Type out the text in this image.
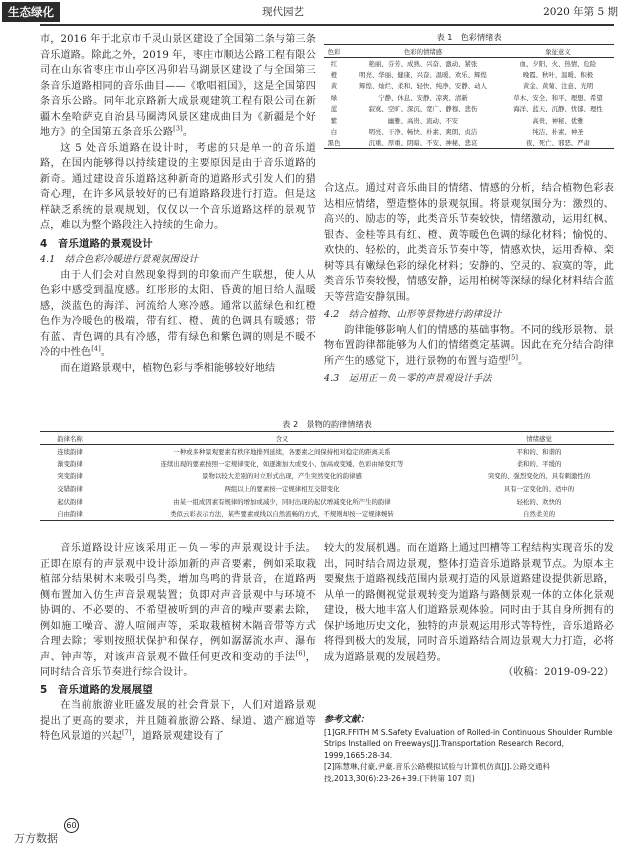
生态绿化	现代园艺	2020 年第 5 期

市，2016 年于北京市千灵山景区建设了全国第二条与第三条音乐道路。除此之外，2019 年，枣庄市顺达公路工程有限公司在山东省枣庄市山亭区冯卯岩马湖景区建设了与全国第三条音乐道路相同的音乐曲目——《歌唱祖国》，这是全国第四条音乐公路。同年北京路新大成景观建筑工程有限公司在新疆木垒哈萨克自治县马圈湾风景区建成曲目为《新疆是个好地方》的全国第五条音乐公路[3]。

这 5 处音乐道路在设计时，考虑的只是单一的音乐道路，在国内能够得以持续建设的主要原因是由于音乐道路的新奇。通过建设音乐道路这种新奇的道路形式引发人们的猎奇心理，在许多风景较好的已有道路路段进行打造。但是这样缺乏系统的景观规划，仅仅以一个音乐道路这样的景观节点，难以为整个路段注入持续的生命力。

4　音乐道路的景观设计

4.1　结合色彩冷暖进行景观氛围设计

由于人们会对自然现象得到的印象而产生联想，使人从色彩中感受到温度感。红彤形的太阳、昏黄的旭日给人温暖感，淡蓝色的海洋、河流给人寒冷感。通常以蓝绿色和红橙色作为冷暖色的极端，带有红、橙、黄的色调具有暖感；带有蓝、青色调的具有冷感，带有绿色和紫色调的则是不暖不冷的中性色[4]。

而在道路景观中，植物色彩与季相能够较好地结

表 1　色彩情绪表
色彩	色彩的情绪感	象征意义
红	艳丽、芬芳、成熟、兴奋、激动、紧张	血、夕阳、火、热情、危险
橙	明亮、华丽、健康、兴奋、温暖、欢乐、辉煌	晚霞、秋叶、温暖、积极
黄	辉煌、灿烂、柔和、轻快、纯净、安静、动人	黄金、黄菊、注意、光明
绿	宁静、休息、安静、凉爽、清新	草木、安全、和平、理想、希望
蓝	寂寞、空旷、深沉、宽广、静穆、悲伤	海洋、蓝天、沉静、忧郁、理性
紫	幽雅、高贵、流动、不安	高贵、神秘、优雅
白	明亮、干净、畅快、朴素、爽朗、贞洁	纯洁、朴素、神圣
黑色	沉重、厚重、阴暗、不安、神秘、悲哀	夜、死亡、邪恶、严肃

合这点。通过对音乐曲目的情绪、情感的分析，结合植物色彩表达相应情绪，塑造整体的景观氛围。将景观氛围分为：激烈的、高兴的、励志的等，此类音乐节奏较快，情绪激动，运用红枫、银杏、金桂等具有红、橙、黄等暖色色调的绿化材料；愉悦的、欢快的、轻松的，此类音乐节奏中等，情感欢快，运用香樟、栾树等具有嫩绿色彩的绿化材料；安静的、空灵的、寂寞的等，此类音乐节奏较慢，情感安静，运用柏树等深绿的绿化材料结合蓝天等营造安静氛围。

4.2　结合植物、山形等景物进行韵律设计

韵律能够影响人们的情感的基础事物。不同的线形景物、景物布置韵律都能够为人们的情绪奠定基调。因此在充分结合韵律所产生的感觉下，进行景物的布置与造型[5]。

4.3　运用正－负－零的声景观设计手法

表 2　景物的韵律情绪表
韵律名称	含义	情绪感觉
连续韵律	一种或多种景观要素有秩序地排列延续，各要素之间保持相对稳定的距离关系	平和的、和谐的
渐变韵律	连续出现的要素按照一定规律变化，如逐渐加大或变小、加高或变矮、色彩由绿变红等	柔和的、平缓的
突变韵律	景物以较大差别的对立形式出现，产生突然变化的韵律感	突变的、强烈变化的、具有刺激性的
交错韵律	两组以上的要素按一定规律相互交错变化	具有一定变化的、适中的
起伏韵律	由某一组成因素有规律的增加或减少，同时出现的起伏增减变化所产生的韵律	轻松的、欢快的
自由韵律	类似云彩表示方法，某些要素或线以自然流畅的方式，不规则却按一定规律婉转	自然柔美的

音乐道路设计应该采用正－负－零的声景观设计手法。正即在原有的声景观中设计添加新的声音要素，例如采取栽植部分结果树木来吸引鸟类，增加鸟鸣的背景音，在道路两侧布置加入仿生声音景观装置；负即对声音景观中与环境不协调的、不必要的、不希望被听到的声音的噪声要素去除，例如施工噪音、游人喧闹声等，采取栽植树木隔音带等方式合理去除；零则按照状保护和保存，例如潺潺流水声、瀑布声、钟声等，对该声音景观不做任何更改和变动的手法[6]，同时结合音乐节奏进行综合设计。

5　音乐道路的发展展望

在当前旅游业旺盛发展的社会背景下，人们对道路景观提出了更高的要求，并且随着旅游公路、绿道、遗产廊道等特色风景道的兴起[7]，道路景观建设有了

60

较大的发展机遇。而在道路上通过凹槽等工程结构实现音乐的发出，同时结合周边景观，整体打造音乐道路景观节点。为原本主要聚焦于道路视线范围内景观打造的风景道路建设提供新思路，从单一的路侧视觉景观转变为道路与路侧景观一体的立体化景观建设，极大地丰富人们道路景观体验。同时由于其自身所拥有的保护场地历史文化，独特的声景观运用形式等特性，音乐道路必将得到极大的发展，同时音乐道路结合周边景观大力打造，必将成为道路景观的发展趋势。

（收稿：2019-09-22）

参考文献：

[1]GR.FFITH M S.Safety Evaluation of Rolled-in Continuous Shoulder Rumble Strips Installed on Freeways[J].Transportation Research Record, 1999,1665:28-34.

[2]陈慧琳,付豪,尹豪.音乐公路模拟试验与计算机仿真[J].公路交通科技,2013,30(6):23-26+39.(下转第 107 页)

万方数据
